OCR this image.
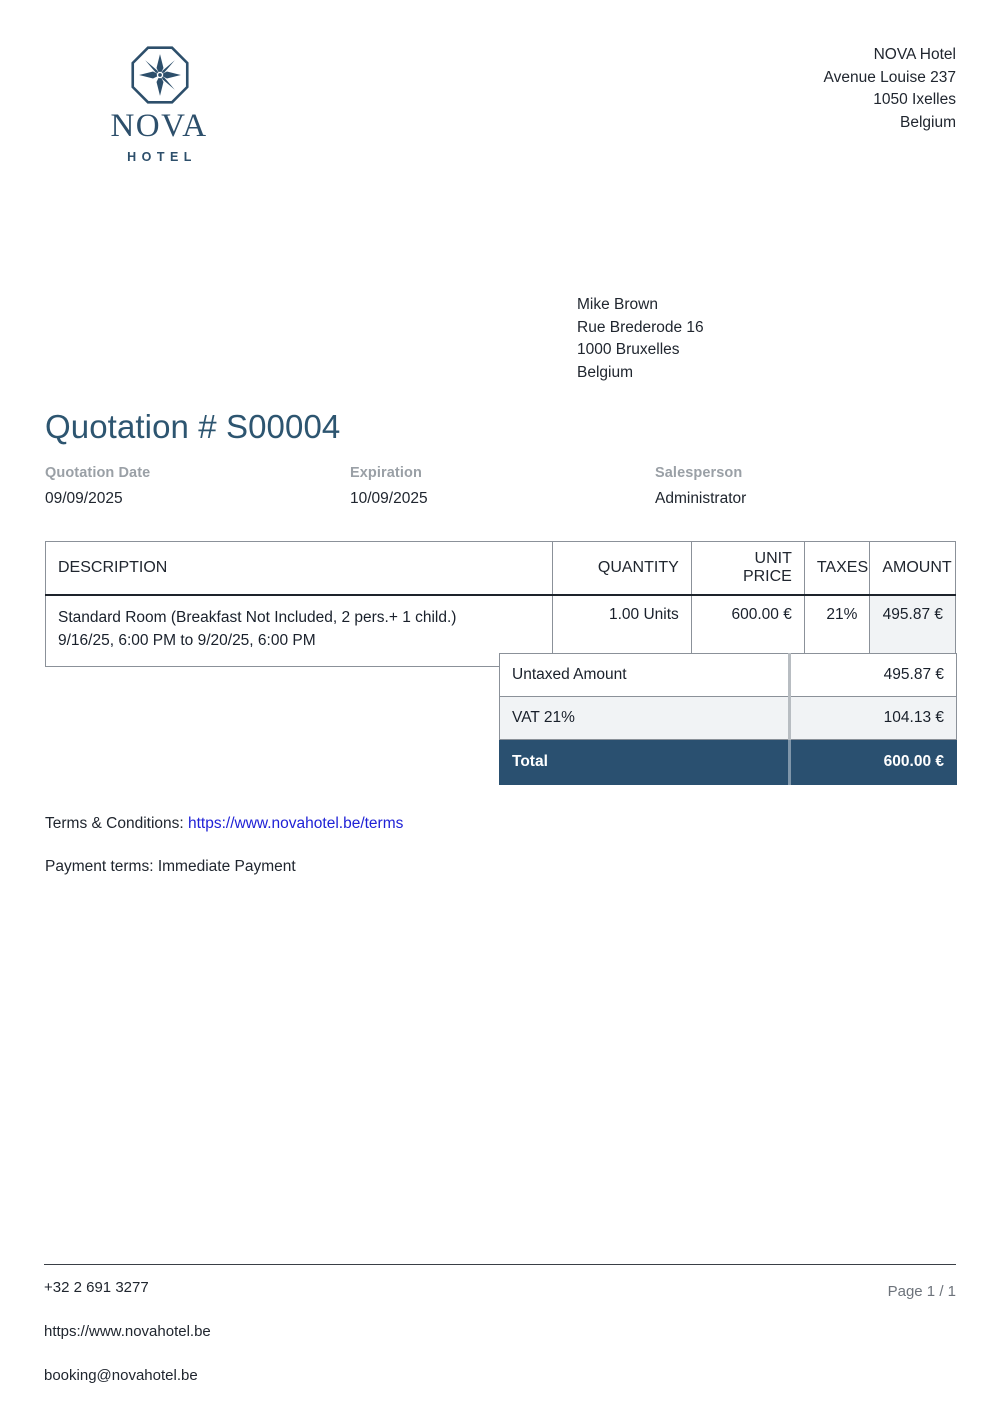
NOVA
HOTEL
NOVA Hotel
Avenue Louise 237
1050 Ixelles
Belgium
Mike Brown
Rue Brederode 16
1000 Bruxelles
Belgium
Quotation # S00004
Quotation Date
09/09/2025
Expiration
10/09/2025
Salesperson
Administrator
DESCRIPTION	QUANTITY	UNIT PRICE	TAXES	AMOUNT

Standard Room (Breakfast Not Included, 2 pers.+ 1 child.)
9/16/25, 6:00 PM to 9/20/25, 6:00 PM	1.00 Units	600.00 €	21%	495.87 €
Untaxed Amount	495.87 €
VAT 21%	104.13 €
Total	600.00 €
Terms & Conditions: https://www.novahotel.be/terms
Payment terms: Immediate Payment
+32 2 691 3277	Page 1 / 1
https://www.novahotel.be
booking@novahotel.be
